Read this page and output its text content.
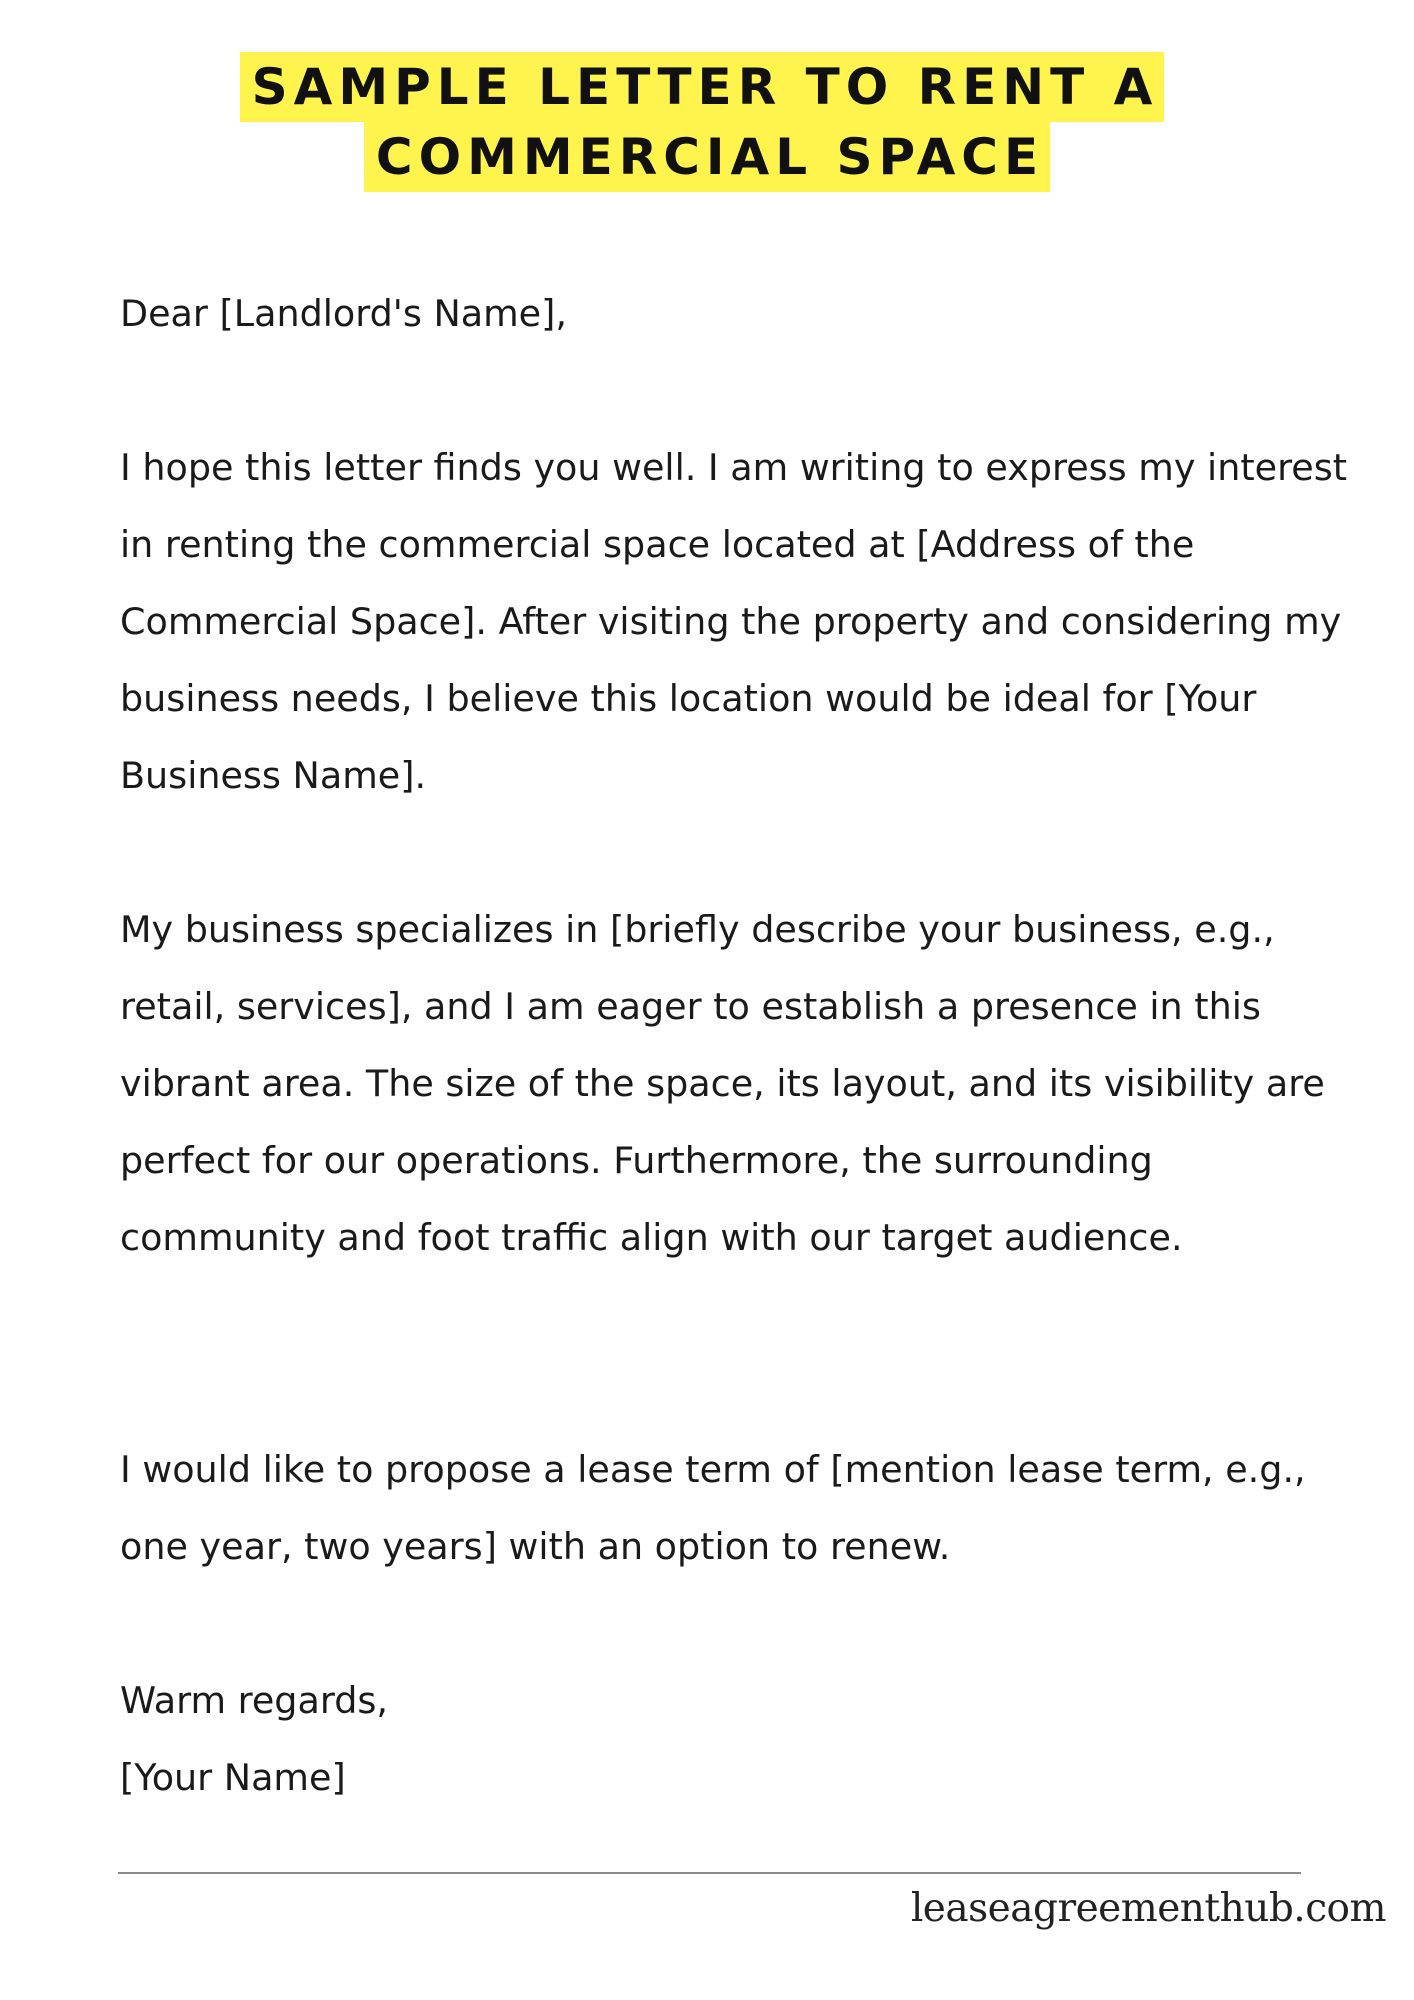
SAMPLE LETTER TO RENT A
COMMERCIAL SPACE

Dear [Landlord's Name],

I hope this letter finds you well. I am writing to express my interest in renting the commercial space located at [Address of the Commercial Space]. After visiting the property and considering my business needs, I believe this location would be ideal for [Your Business Name].

My business specializes in [briefly describe your business, e.g., retail, services], and I am eager to establish a presence in this vibrant area. The size of the space, its layout, and its visibility are perfect for our operations. Furthermore, the surrounding community and foot traffic align with our target audience.

I would like to propose a lease term of [mention lease term, e.g., one year, two years] with an option to renew.

Warm regards,

[Your Name]

leaseagreementhub.com
